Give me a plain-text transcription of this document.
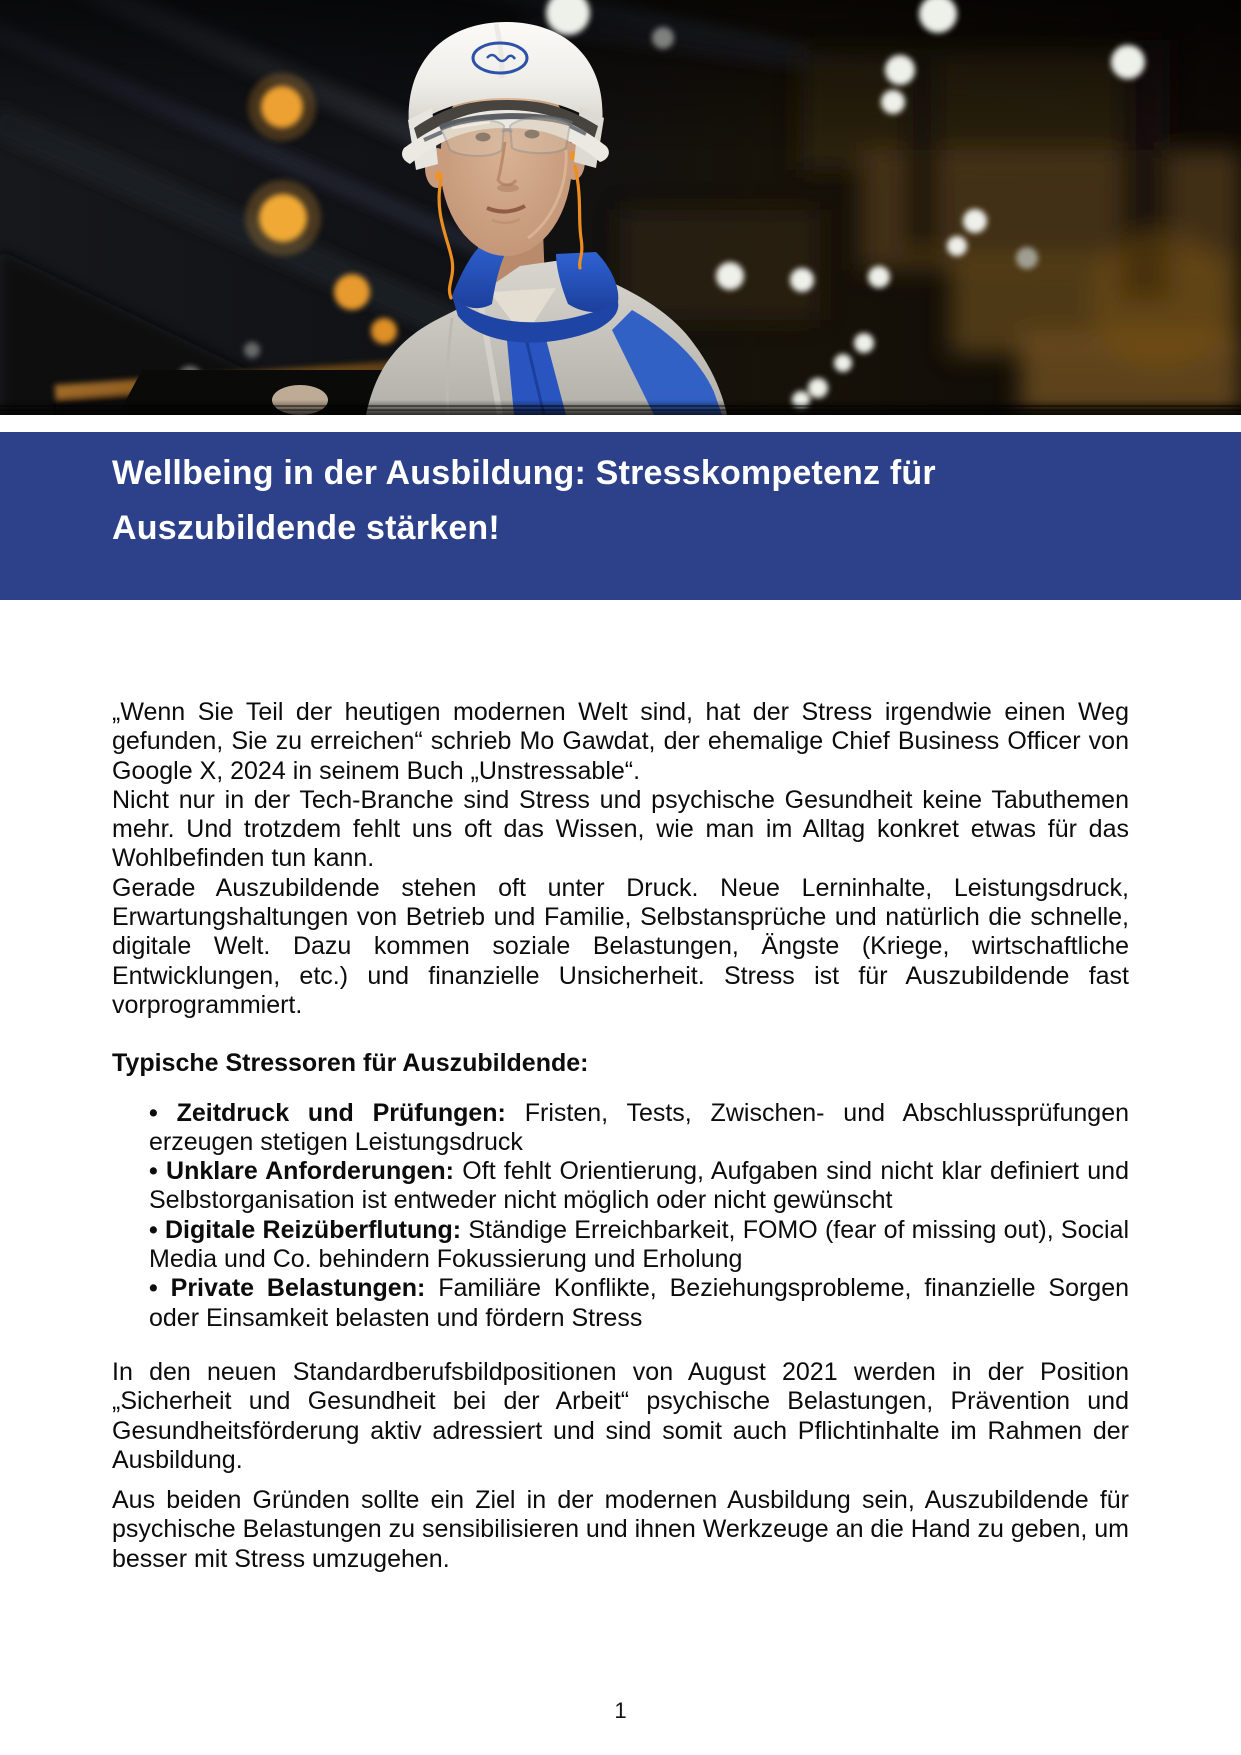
Wellbeing in der Ausbildung: Stresskompetenz für
Auszubildende stärken!

„Wenn Sie Teil der heutigen modernen Welt sind, hat der Stress irgendwie einen Weg gefunden, Sie zu erreichen“ schrieb Mo Gawdat, der ehemalige Chief Business Officer von Google X, 2024 in seinem Buch „Unstressable“.

Nicht nur in der Tech-Branche sind Stress und psychische Gesundheit keine Tabuthemen mehr. Und trotzdem fehlt uns oft das Wissen, wie man im Alltag konkret etwas für das Wohlbefinden tun kann.

Gerade Auszubildende stehen oft unter Druck. Neue Lerninhalte, Leistungsdruck, Erwartungshaltungen von Betrieb und Familie, Selbstansprüche und natürlich die schnelle, digitale Welt. Dazu kommen soziale Belastungen, Ängste (Kriege, wirtschaftliche Entwicklungen, etc.) und finanzielle Unsicherheit. Stress ist für Auszubildende fast vorprogrammiert.

Typische Stressoren für Auszubildende:
• Zeitdruck und Prüfungen: Fristen, Tests, Zwischen- und Abschlussprüfungen erzeugen stetigen Leistungsdruck
• Unklare Anforderungen: Oft fehlt Orientierung, Aufgaben sind nicht klar definiert und Selbstorganisation ist entweder nicht möglich oder nicht gewünscht
• Digitale Reizüberflutung: Ständige Erreichbarkeit, FOMO (fear of missing out), Social Media und Co. behindern Fokussierung und Erholung
• Private Belastungen: Familiäre Konflikte, Beziehungsprobleme, finanzielle Sorgen oder Einsamkeit belasten und fördern Stress

In den neuen Standardberufsbildpositionen von August 2021 werden in der Position „Sicherheit und Gesundheit bei der Arbeit“ psychische Belastungen, Prävention und Gesundheitsförderung aktiv adressiert und sind somit auch Pflichtinhalte im Rahmen der Ausbildung.

Aus beiden Gründen sollte ein Ziel in der modernen Ausbildung sein, Auszubildende für psychische Belastungen zu sensibilisieren und ihnen Werkzeuge an die Hand zu geben, um besser mit Stress umzugehen.

1
